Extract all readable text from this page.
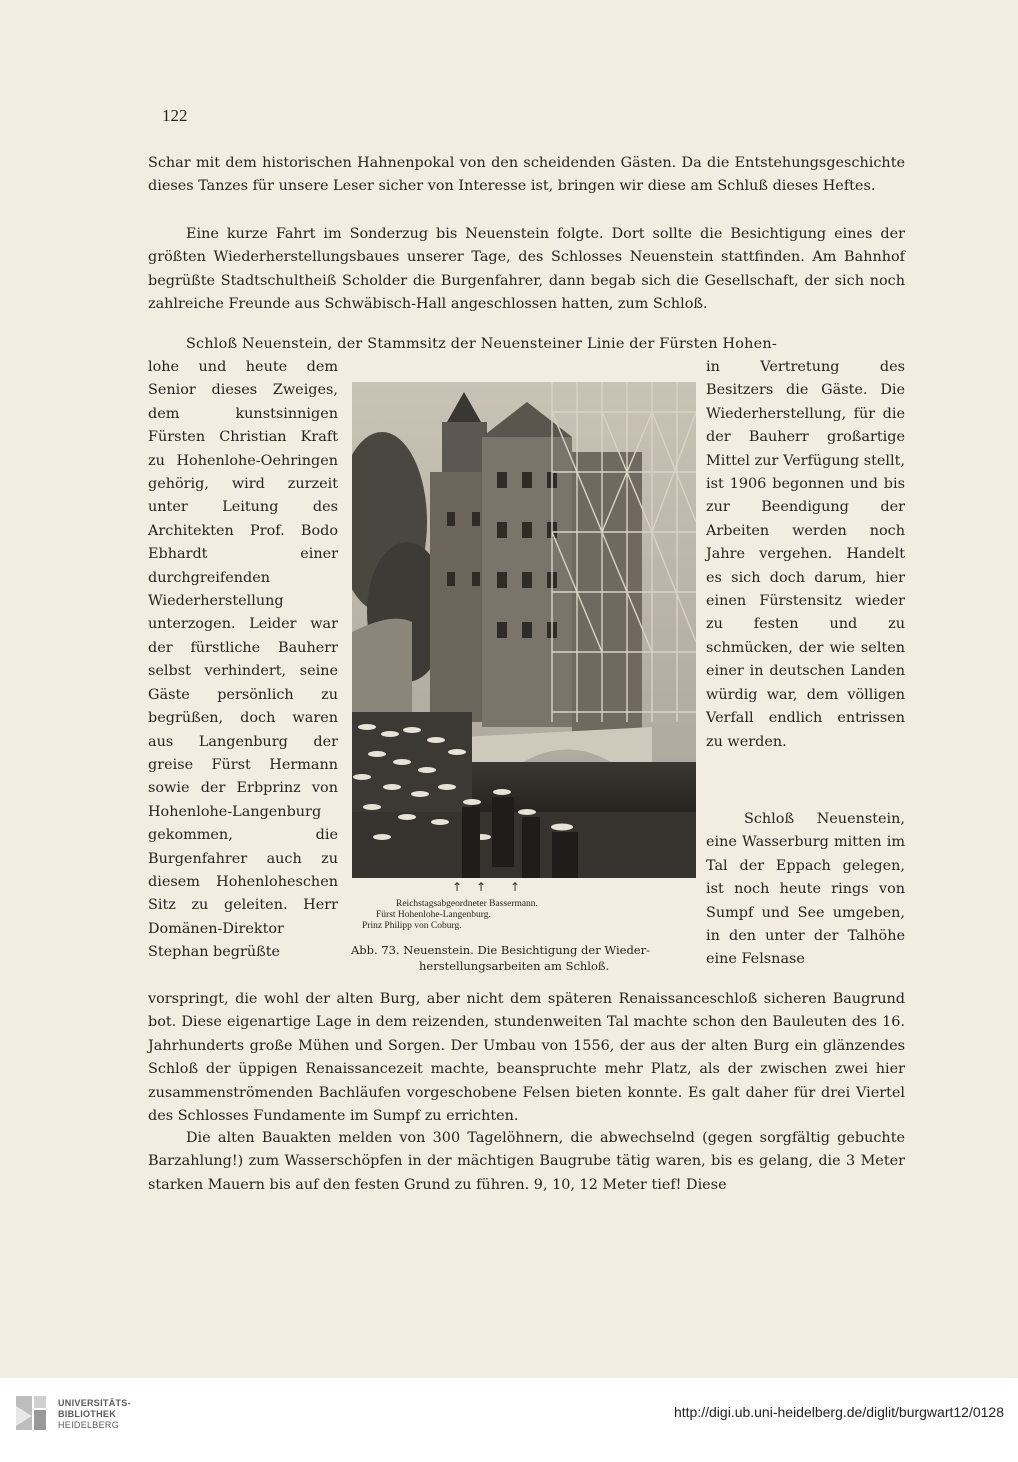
122

Schar mit dem historischen Hahnenpokal von den scheidenden Gästen. Da die Entstehungsgeschichte dieses Tanzes für unsere Leser sicher von Interesse ist, bringen wir diese am Schluß dieses Heftes.

Eine kurze Fahrt im Sonderzug bis Neuenstein folgte. Dort sollte die Besichtigung eines der größten Wiederherstellungsbaues unserer Tage, des Schlosses Neuenstein stattfinden. Am Bahnhof begrüßte Stadtschultheiß Scholder die Burgenfahrer, dann begab sich die Gesellschaft, der sich noch zahlreiche Freunde aus Schwäbisch-Hall angeschlossen hatten, zum Schloß.

Schloß Neuenstein, der Stammsitz der Neuensteiner Linie der Fürsten Hohen-

lohe und heute dem Senior dieses Zweiges, dem kunstsinnigen Fürsten Christian Kraft zu Hohenlohe-Oehringen gehörig, wird zurzeit unter Leitung des Architekten Prof. Bodo Ebhardt einer durchgreifenden Wiederherstellung unterzogen. Leider war der fürstliche Bauherr selbst verhindert, seine Gäste persönlich zu begrüßen, doch waren aus Langenburg der greise Fürst Hermann sowie der Erbprinz von Hohenlohe-Langenburg gekommen, die Burgenfahrer auch zu diesem Hohenloheschen Sitz zu geleiten. Herr Domänen-Direktor Stephan begrüßte

in Vertretung des Besitzers die Gäste. Die Wiederherstellung, für die der Bauherr großartige Mittel zur Verfügung stellt, ist 1906 begonnen und bis zur Beendigung der Arbeiten werden noch Jahre vergehen. Handelt es sich doch darum, hier einen Fürstensitz wieder zu festen und zu schmücken, der wie selten einer in deutschen Landen würdig war, dem völligen Verfall endlich entrissen zu werden.

Schloß Neuenstein, eine Wasserburg mitten im Tal der Eppach gelegen, ist noch heute rings von Sumpf und See umgeben, in den unter der Talhöhe eine Felsnase

↑ ↑ ↑
Reichstagsabgeordneter Bassermann.
Fürst Hohenlohe-Langenburg.
Prinz Philipp von Coburg.
Abb. 73. Neuenstein. Die Besichtigung der Wieder-
herstellungsarbeiten am Schloß.

vorspringt, die wohl der alten Burg, aber nicht dem späteren Renaissanceschloß sicheren Baugrund bot. Diese eigenartige Lage in dem reizenden, stundenweiten Tal machte schon den Bauleuten des 16. Jahrhunderts große Mühen und Sorgen. Der Umbau von 1556, der aus der alten Burg ein glänzendes Schloß der üppigen Renaissancezeit machte, beanspruchte mehr Platz, als der zwischen zwei hier zusammenströmenden Bachläufen vorgeschobene Felsen bieten konnte. Es galt daher für drei Viertel des Schlosses Fundamente im Sumpf zu errichten.

Die alten Bauakten melden von 300 Tagelöhnern, die abwechselnd (gegen sorgfältig gebuchte Barzahlung!) zum Wasserschöpfen in der mächtigen Baugrube tätig waren, bis es gelang, die 3 Meter starken Mauern bis auf den festen Grund zu führen. 9, 10, 12 Meter tief! Diese

UNIVERSITÄTS-
BIBLIOTHEK
HEIDELBERG
http://digi.ub.uni-heidelberg.de/diglit/burgwart12/0128
